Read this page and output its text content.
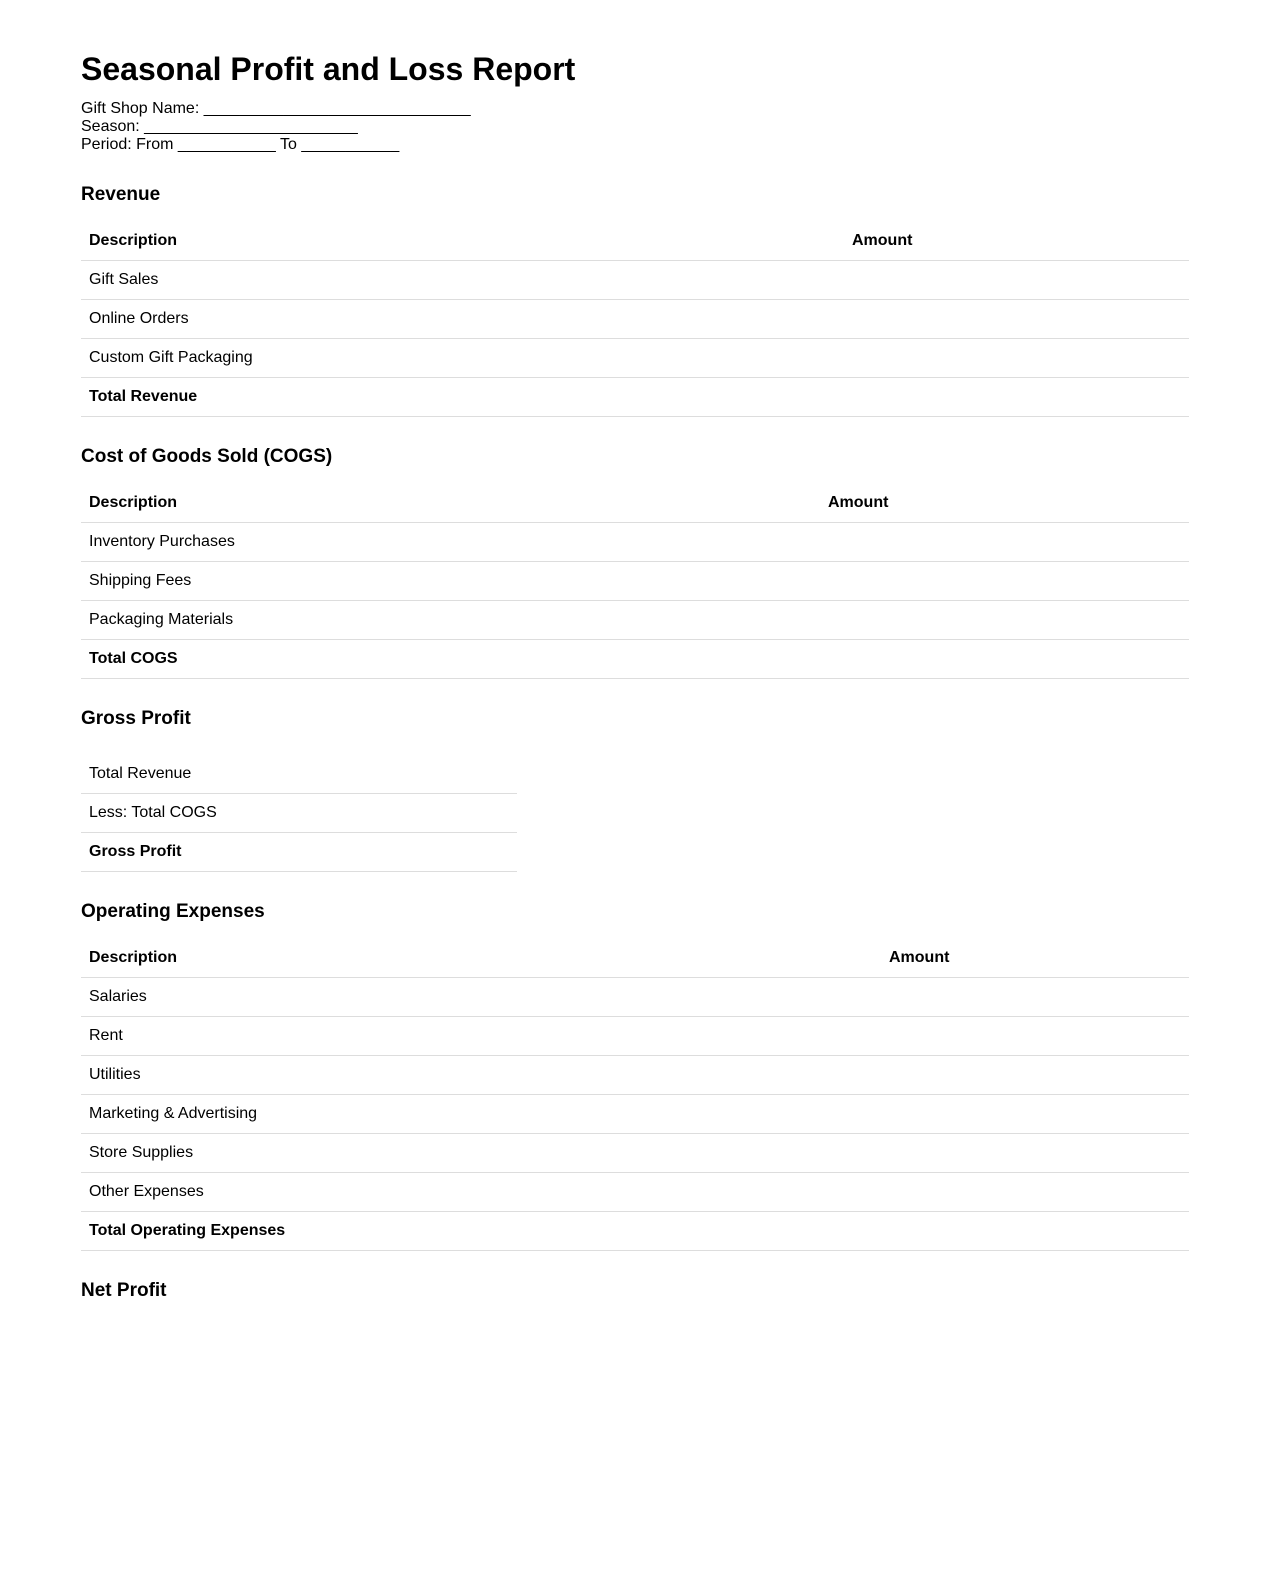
Seasonal Profit and Loss Report
Gift Shop Name: ______________________________
Season: ________________________
Period: From ___________ To ___________
Revenue
Description	Amount
Gift Sales	
Online Orders	
Custom Gift Packaging	
Total Revenue	
Cost of Goods Sold (COGS)
Description	Amount
Inventory Purchases	
Shipping Fees	
Packaging Materials	
Total COGS	
Gross Profit
Total Revenue	
Less: Total COGS	
Gross Profit	
Operating Expenses
Description	Amount
Salaries	
Rent	
Utilities	
Marketing & Advertising	
Store Supplies	
Other Expenses	
Total Operating Expenses	
Net Profit
